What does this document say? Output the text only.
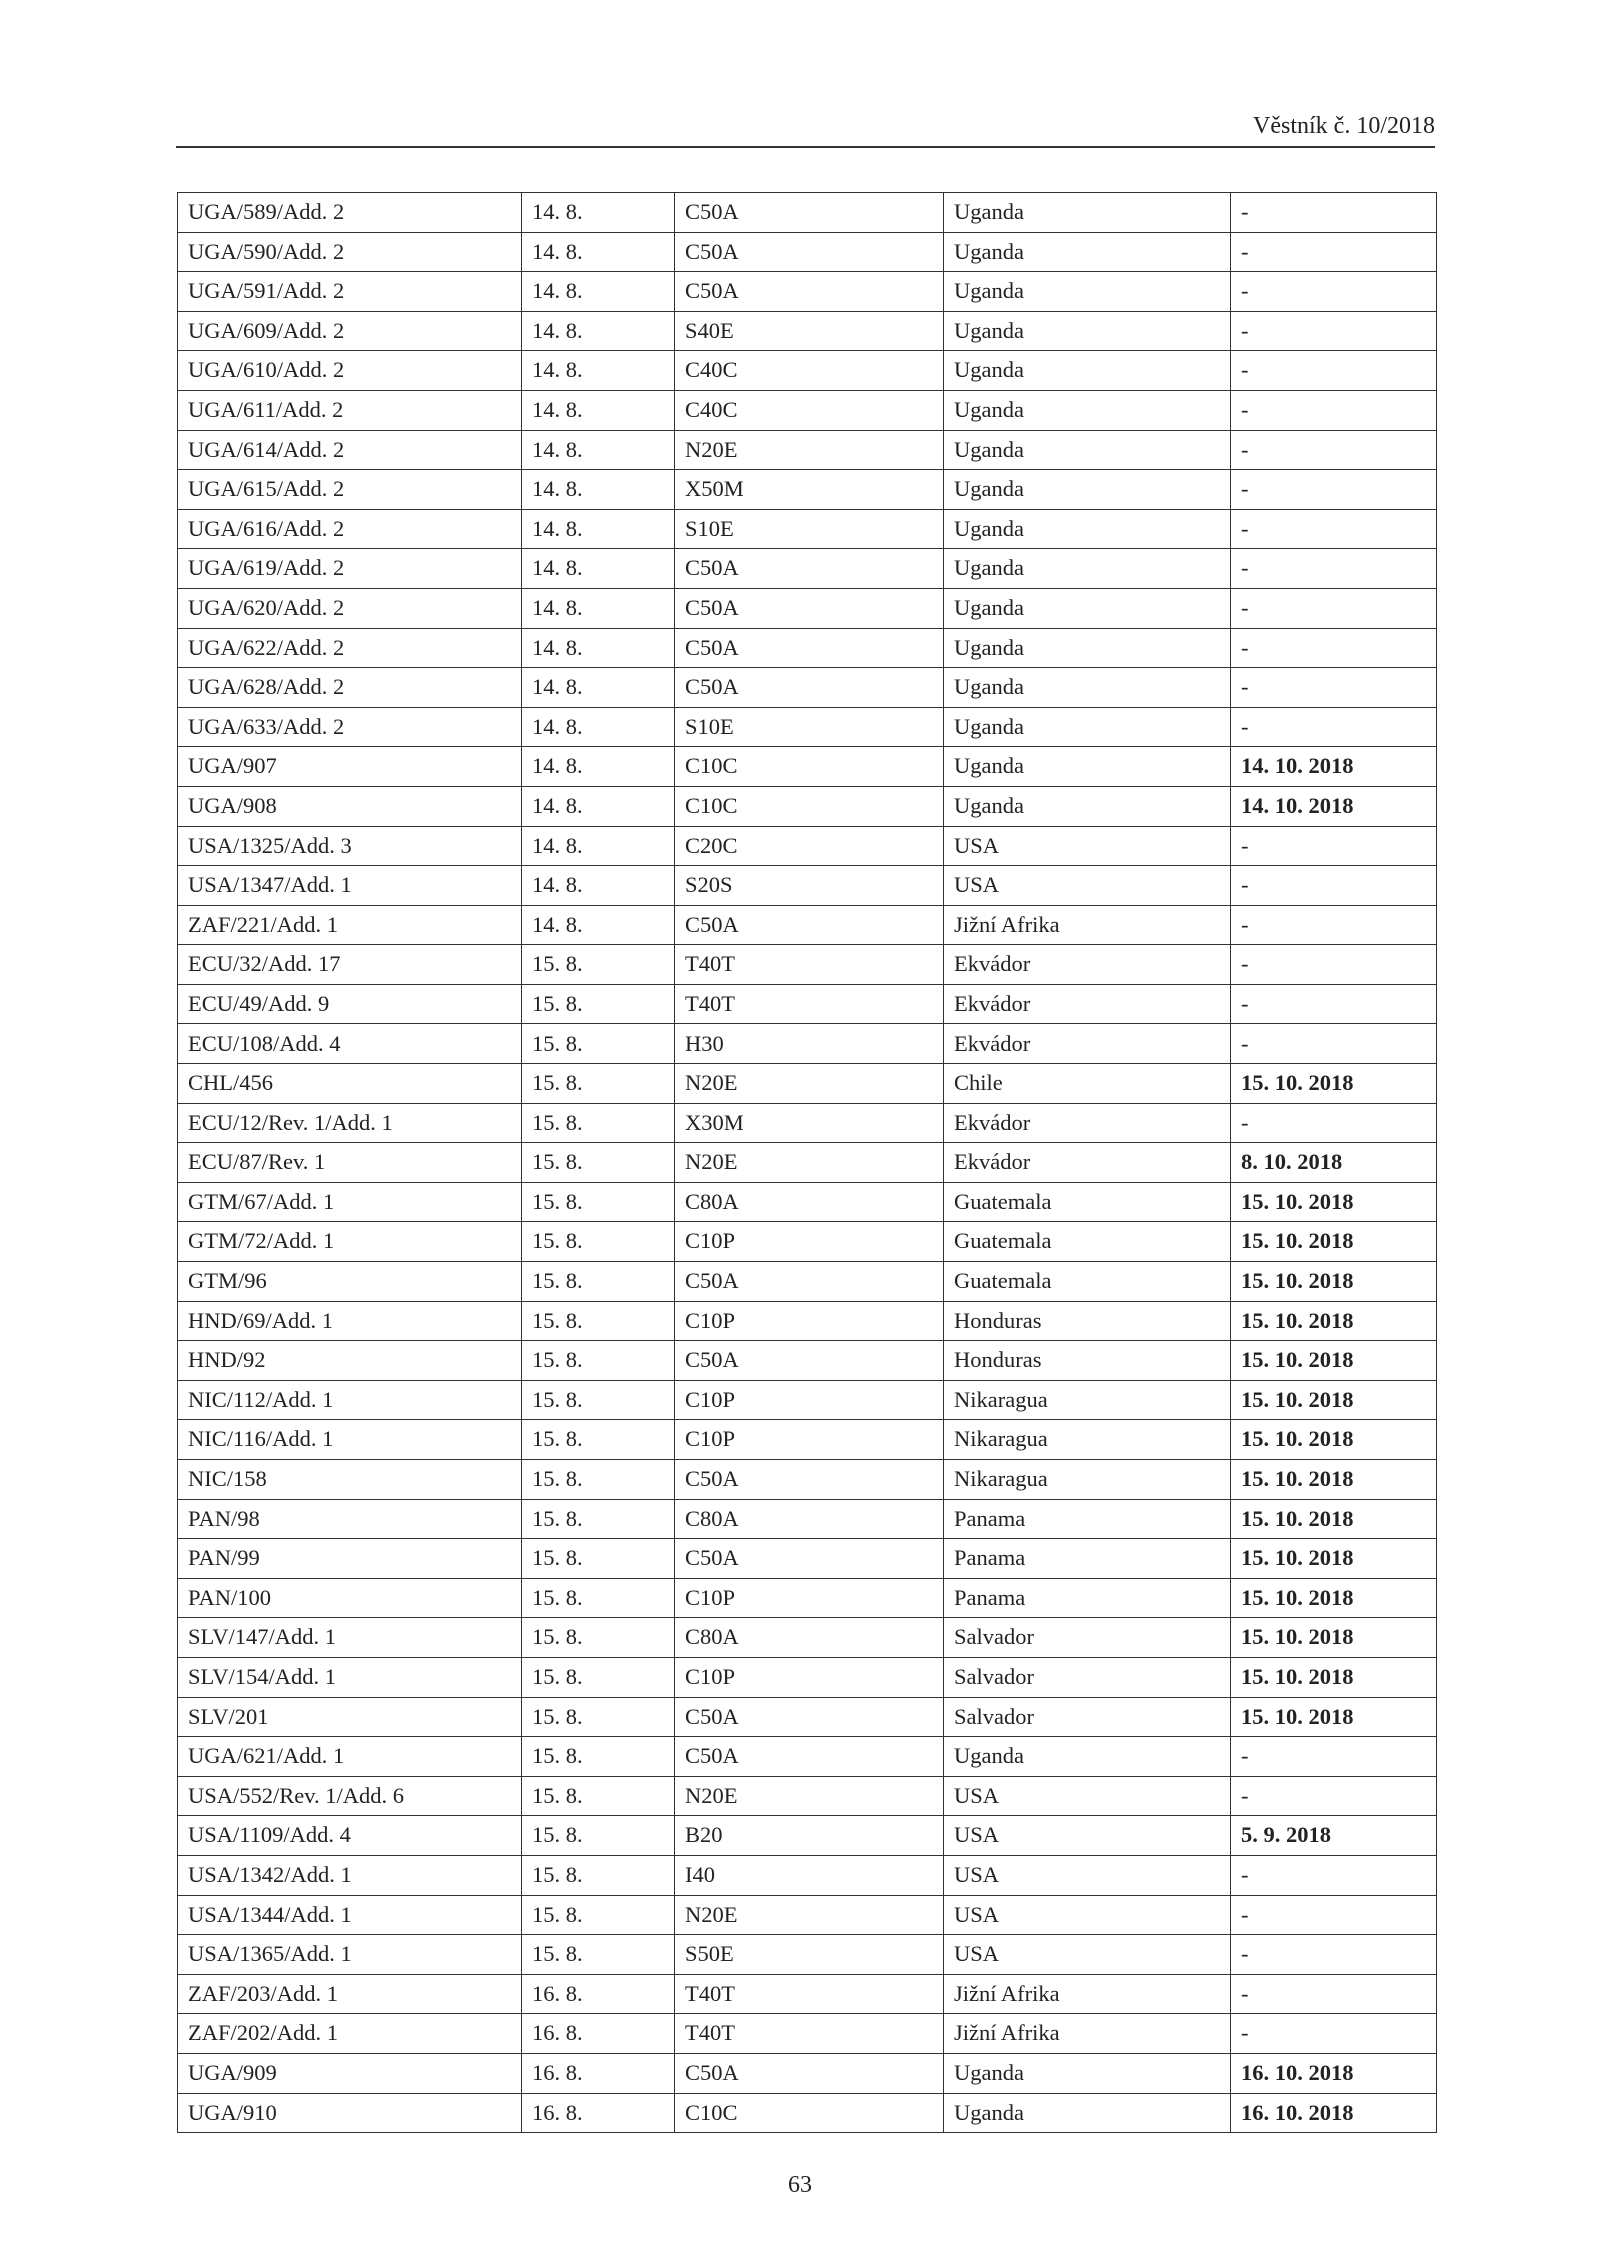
Věstník č. 10/2018
UGA/589/Add. 2	14. 8.	C50A	Uganda	-
UGA/590/Add. 2	14. 8.	C50A	Uganda	-
UGA/591/Add. 2	14. 8.	C50A	Uganda	-
UGA/609/Add. 2	14. 8.	S40E	Uganda	-
UGA/610/Add. 2	14. 8.	C40C	Uganda	-
UGA/611/Add. 2	14. 8.	C40C	Uganda	-
UGA/614/Add. 2	14. 8.	N20E	Uganda	-
UGA/615/Add. 2	14. 8.	X50M	Uganda	-
UGA/616/Add. 2	14. 8.	S10E	Uganda	-
UGA/619/Add. 2	14. 8.	C50A	Uganda	-
UGA/620/Add. 2	14. 8.	C50A	Uganda	-
UGA/622/Add. 2	14. 8.	C50A	Uganda	-
UGA/628/Add. 2	14. 8.	C50A	Uganda	-
UGA/633/Add. 2	14. 8.	S10E	Uganda	-
UGA/907	14. 8.	C10C	Uganda	14. 10. 2018
UGA/908	14. 8.	C10C	Uganda	14. 10. 2018
USA/1325/Add. 3	14. 8.	C20C	USA	-
USA/1347/Add. 1	14. 8.	S20S	USA	-
ZAF/221/Add. 1	14. 8.	C50A	Jižní Afrika	-
ECU/32/Add. 17	15. 8.	T40T	Ekvádor	-
ECU/49/Add. 9	15. 8.	T40T	Ekvádor	-
ECU/108/Add. 4	15. 8.	H30	Ekvádor	-
CHL/456	15. 8.	N20E	Chile	15. 10. 2018
ECU/12/Rev. 1/Add. 1	15. 8.	X30M	Ekvádor	-
ECU/87/Rev. 1	15. 8.	N20E	Ekvádor	8. 10. 2018
GTM/67/Add. 1	15. 8.	C80A	Guatemala	15. 10. 2018
GTM/72/Add. 1	15. 8.	C10P	Guatemala	15. 10. 2018
GTM/96	15. 8.	C50A	Guatemala	15. 10. 2018
HND/69/Add. 1	15. 8.	C10P	Honduras	15. 10. 2018
HND/92	15. 8.	C50A	Honduras	15. 10. 2018
NIC/112/Add. 1	15. 8.	C10P	Nikaragua	15. 10. 2018
NIC/116/Add. 1	15. 8.	C10P	Nikaragua	15. 10. 2018
NIC/158	15. 8.	C50A	Nikaragua	15. 10. 2018
PAN/98	15. 8.	C80A	Panama	15. 10. 2018
PAN/99	15. 8.	C50A	Panama	15. 10. 2018
PAN/100	15. 8.	C10P	Panama	15. 10. 2018
SLV/147/Add. 1	15. 8.	C80A	Salvador	15. 10. 2018
SLV/154/Add. 1	15. 8.	C10P	Salvador	15. 10. 2018
SLV/201	15. 8.	C50A	Salvador	15. 10. 2018
UGA/621/Add. 1	15. 8.	C50A	Uganda	-
USA/552/Rev. 1/Add. 6	15. 8.	N20E	USA	-
USA/1109/Add. 4	15. 8.	B20	USA	5. 9. 2018
USA/1342/Add. 1	15. 8.	I40	USA	-
USA/1344/Add. 1	15. 8.	N20E	USA	-
USA/1365/Add. 1	15. 8.	S50E	USA	-
ZAF/203/Add. 1	16. 8.	T40T	Jižní Afrika	-
ZAF/202/Add. 1	16. 8.	T40T	Jižní Afrika	-
UGA/909	16. 8.	C50A	Uganda	16. 10. 2018
UGA/910	16. 8.	C10C	Uganda	16. 10. 2018
63
